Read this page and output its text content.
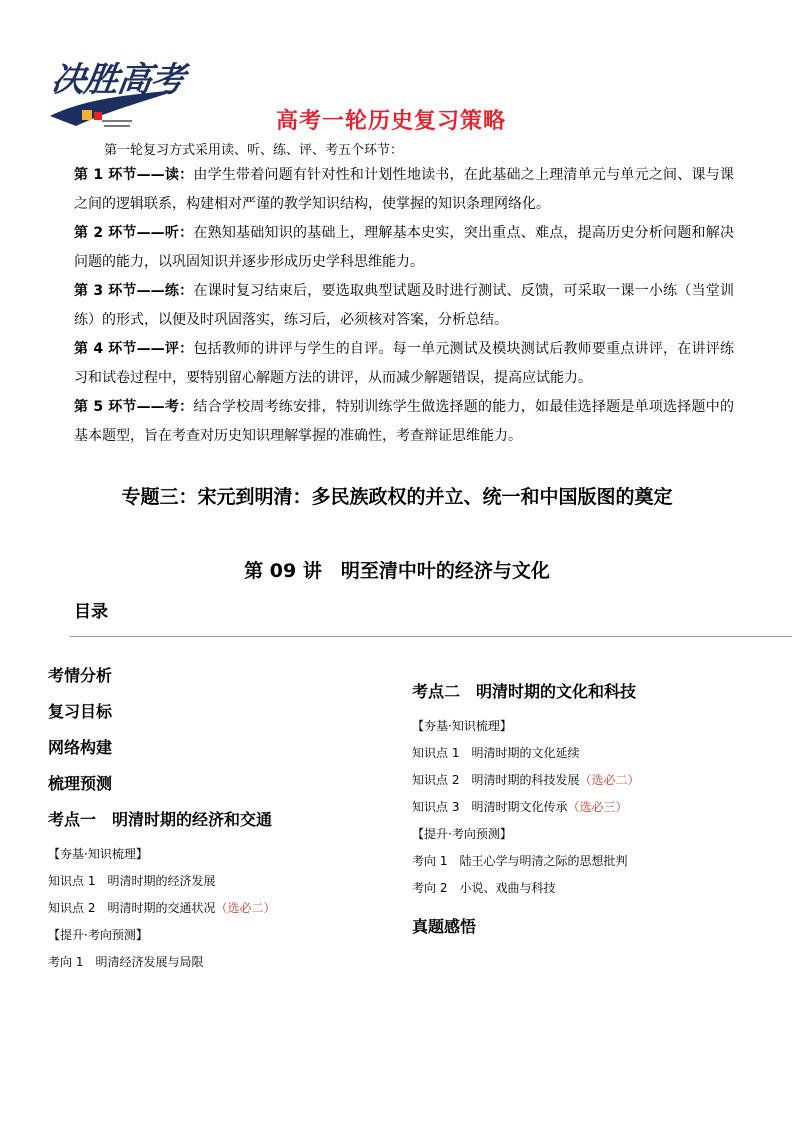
决胜高考
高考一轮历史复习策略
第一轮复习方式采用读、听、练、评、考五个环节：

第 1 环节——读：由学生带着问题有针对性和计划性地读书，在此基础之上理清单元与单元之间、课与课之间的逻辑联系，构建相对严谨的教学知识结构，使掌握的知识条理网络化。

第 2 环节——听：在熟知基础知识的基础上，理解基本史实，突出重点、难点，提高历史分析问题和解决问题的能力，以巩固知识并逐步形成历史学科思维能力。

第 3 环节——练：在课时复习结束后，要选取典型试题及时进行测试、反馈，可采取一课一小练（当堂训练）的形式，以便及时巩固落实，练习后，必须核对答案，分析总结。

第 4 环节——评：包括教师的讲评与学生的自评。每一单元测试及模块测试后教师要重点讲评，在讲评练习和试卷过程中，要特别留心解题方法的讲评，从而减少解题错误，提高应试能力。

第 5 环节——考：结合学校周考练安排，特别训练学生做选择题的能力，如最佳选择题是单项选择题中的基本题型，旨在考查对历史知识理解掌握的准确性，考查辩证思维能力。

专题三：宋元到明清：多民族政权的并立、统一和中国版图的奠定
第 09 讲　明至清中叶的经济与文化
目录
考情分析
复习目标
网络构建
梳理预测
考点一　明清时期的经济和交通
【夯基·知识梳理】
知识点 1　明清时期的经济发展
知识点 2　明清时期的交通状况（选必二）
【提升·考向预测】
考向 1　明清经济发展与局限
考点二　明清时期的文化和科技
【夯基·知识梳理】
知识点 1　明清时期的文化延续
知识点 2　明清时期的科技发展（选必二）
知识点 3　明清时期文化传承（选必三）
【提升·考向预测】
考向 1　陆王心学与明清之际的思想批判
考向 2　小说、戏曲与科技
真题感悟
